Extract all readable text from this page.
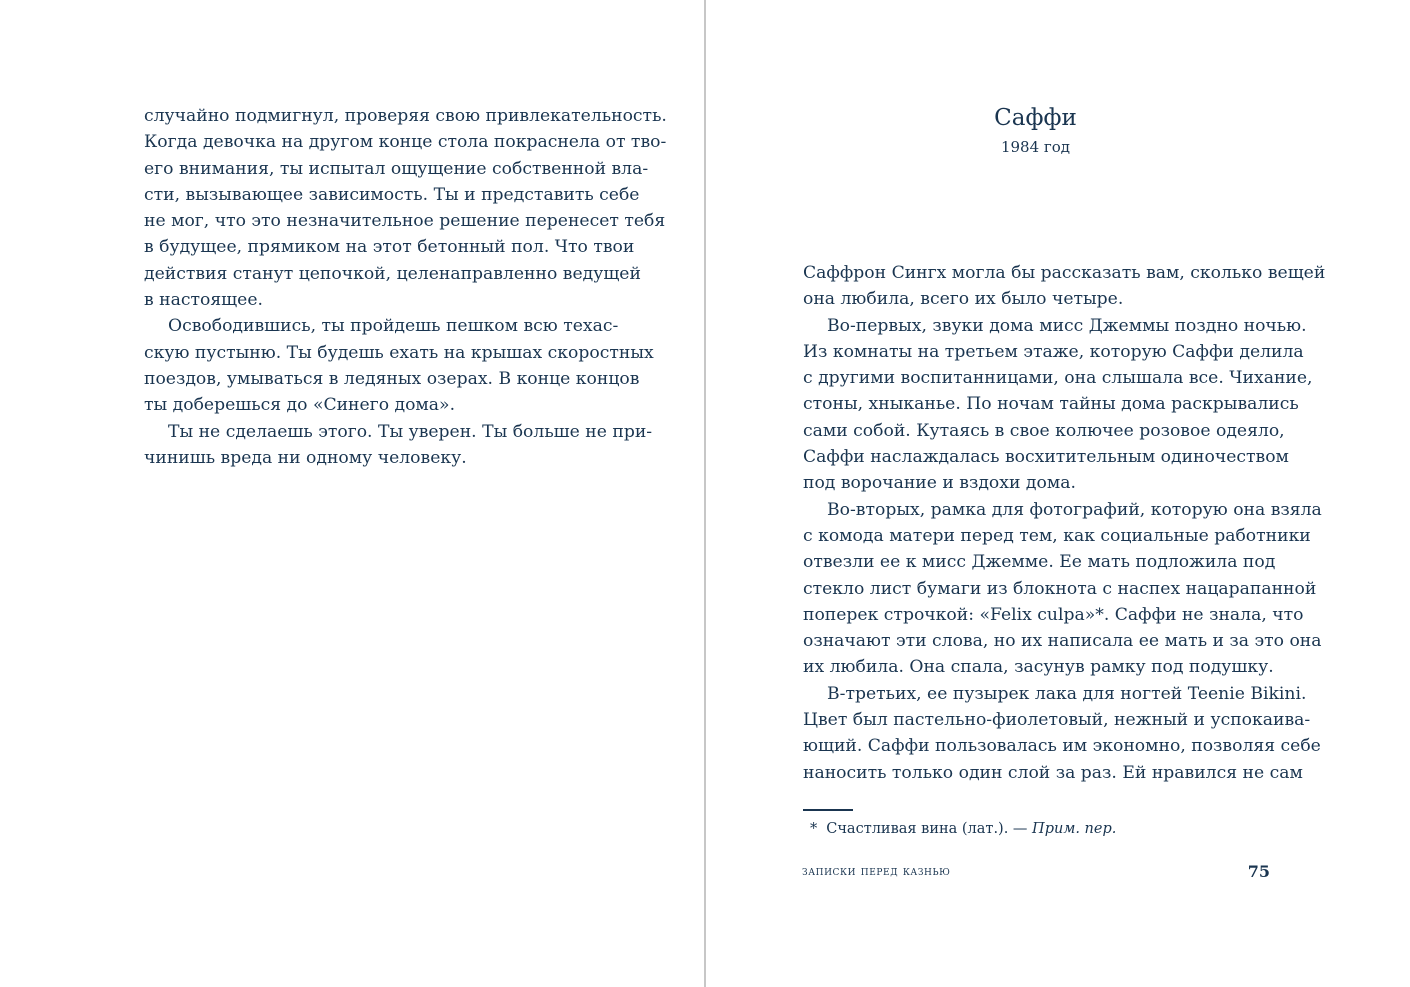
случайно подмигнул, проверяя свою привлекательность.
Когда девочка на другом конце стола покраснела от тво-
его внимания, ты испытал ощущение собственной вла-
сти, вызывающее зависимость. Ты и представить себе
не мог, что это незначительное решение перенесет тебя
в будущее, прямиком на этот бетонный пол. Что твои
действия станут цепочкой, целенаправленно ведущей
в настоящее.
Освободившись, ты пройдешь пешком всю техас-
скую пустыню. Ты будешь ехать на крышах скоростных
поездов, умываться в ледяных озерах. В конце концов
ты доберешься до «Синего дома».
Ты не сделаешь этого. Ты уверен. Ты больше не при-
чинишь вреда ни одному человеку.
Саффи
1984 год
Саффрон Сингх могла бы рассказать вам, сколько вещей
она любила, всего их было четыре.
Во-первых, звуки дома мисс Джеммы поздно ночью.
Из комнаты на третьем этаже, которую Саффи делила
с другими воспитанницами, она слышала все. Чихание,
стоны, хныканье. По ночам тайны дома раскрывались
сами собой. Кутаясь в свое колючее розовое одеяло,
Саффи наслаждалась восхитительным одиночеством
под ворочание и вздохи дома.
Во-вторых, рамка для фотографий, которую она взяла
с комода матери перед тем, как социальные работники
отвезли ее к мисс Джемме. Ее мать подложила под
стекло лист бумаги из блокнота с наспех нацарапанной
поперек строчкой: «Felix culpa»*. Саффи не знала, что
означают эти слова, но их написала ее мать и за это она
их любила. Она спала, засунув рамку под подушку.
В-третьих, ее пузырек лака для ногтей Teenie Bikini.
Цвет был пастельно-фиолетовый, нежный и успокаива-
ющий. Саффи пользовалась им экономно, позволяя себе
наносить только один слой за раз. Ей нравился не сам
* Счастливая вина (лат.). — Прим. пер.
записки перед казнью	75
